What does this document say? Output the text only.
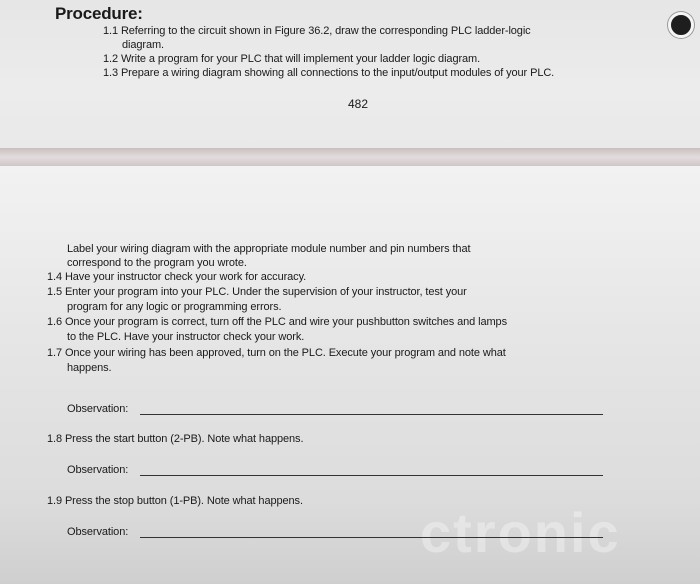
Procedure:
1.1 Referring to the circuit shown in Figure 36.2, draw the corresponding PLC ladder-logic
diagram.
1.2 Write a program for your PLC that will implement your ladder logic diagram.
1.3 Prepare a wiring diagram showing all connections to the input/output modules of your PLC.
482
ctronic
Label your wiring diagram with the appropriate module number and pin numbers that
correspond to the program you wrote.
1.4 Have your instructor check your work for accuracy.
1.5 Enter your program into your PLC. Under the supervision of your instructor, test your
program for any logic or programming errors.
1.6 Once your program is correct, turn off the PLC and wire your pushbutton switches and lamps
to the PLC. Have your instructor check your work.
1.7 Once your wiring has been approved, turn on the PLC. Execute your program and note what
happens.
Observation:
1.8 Press the start button (2-PB). Note what happens.
Observation:
1.9 Press the stop button (1-PB). Note what happens.
Observation:
